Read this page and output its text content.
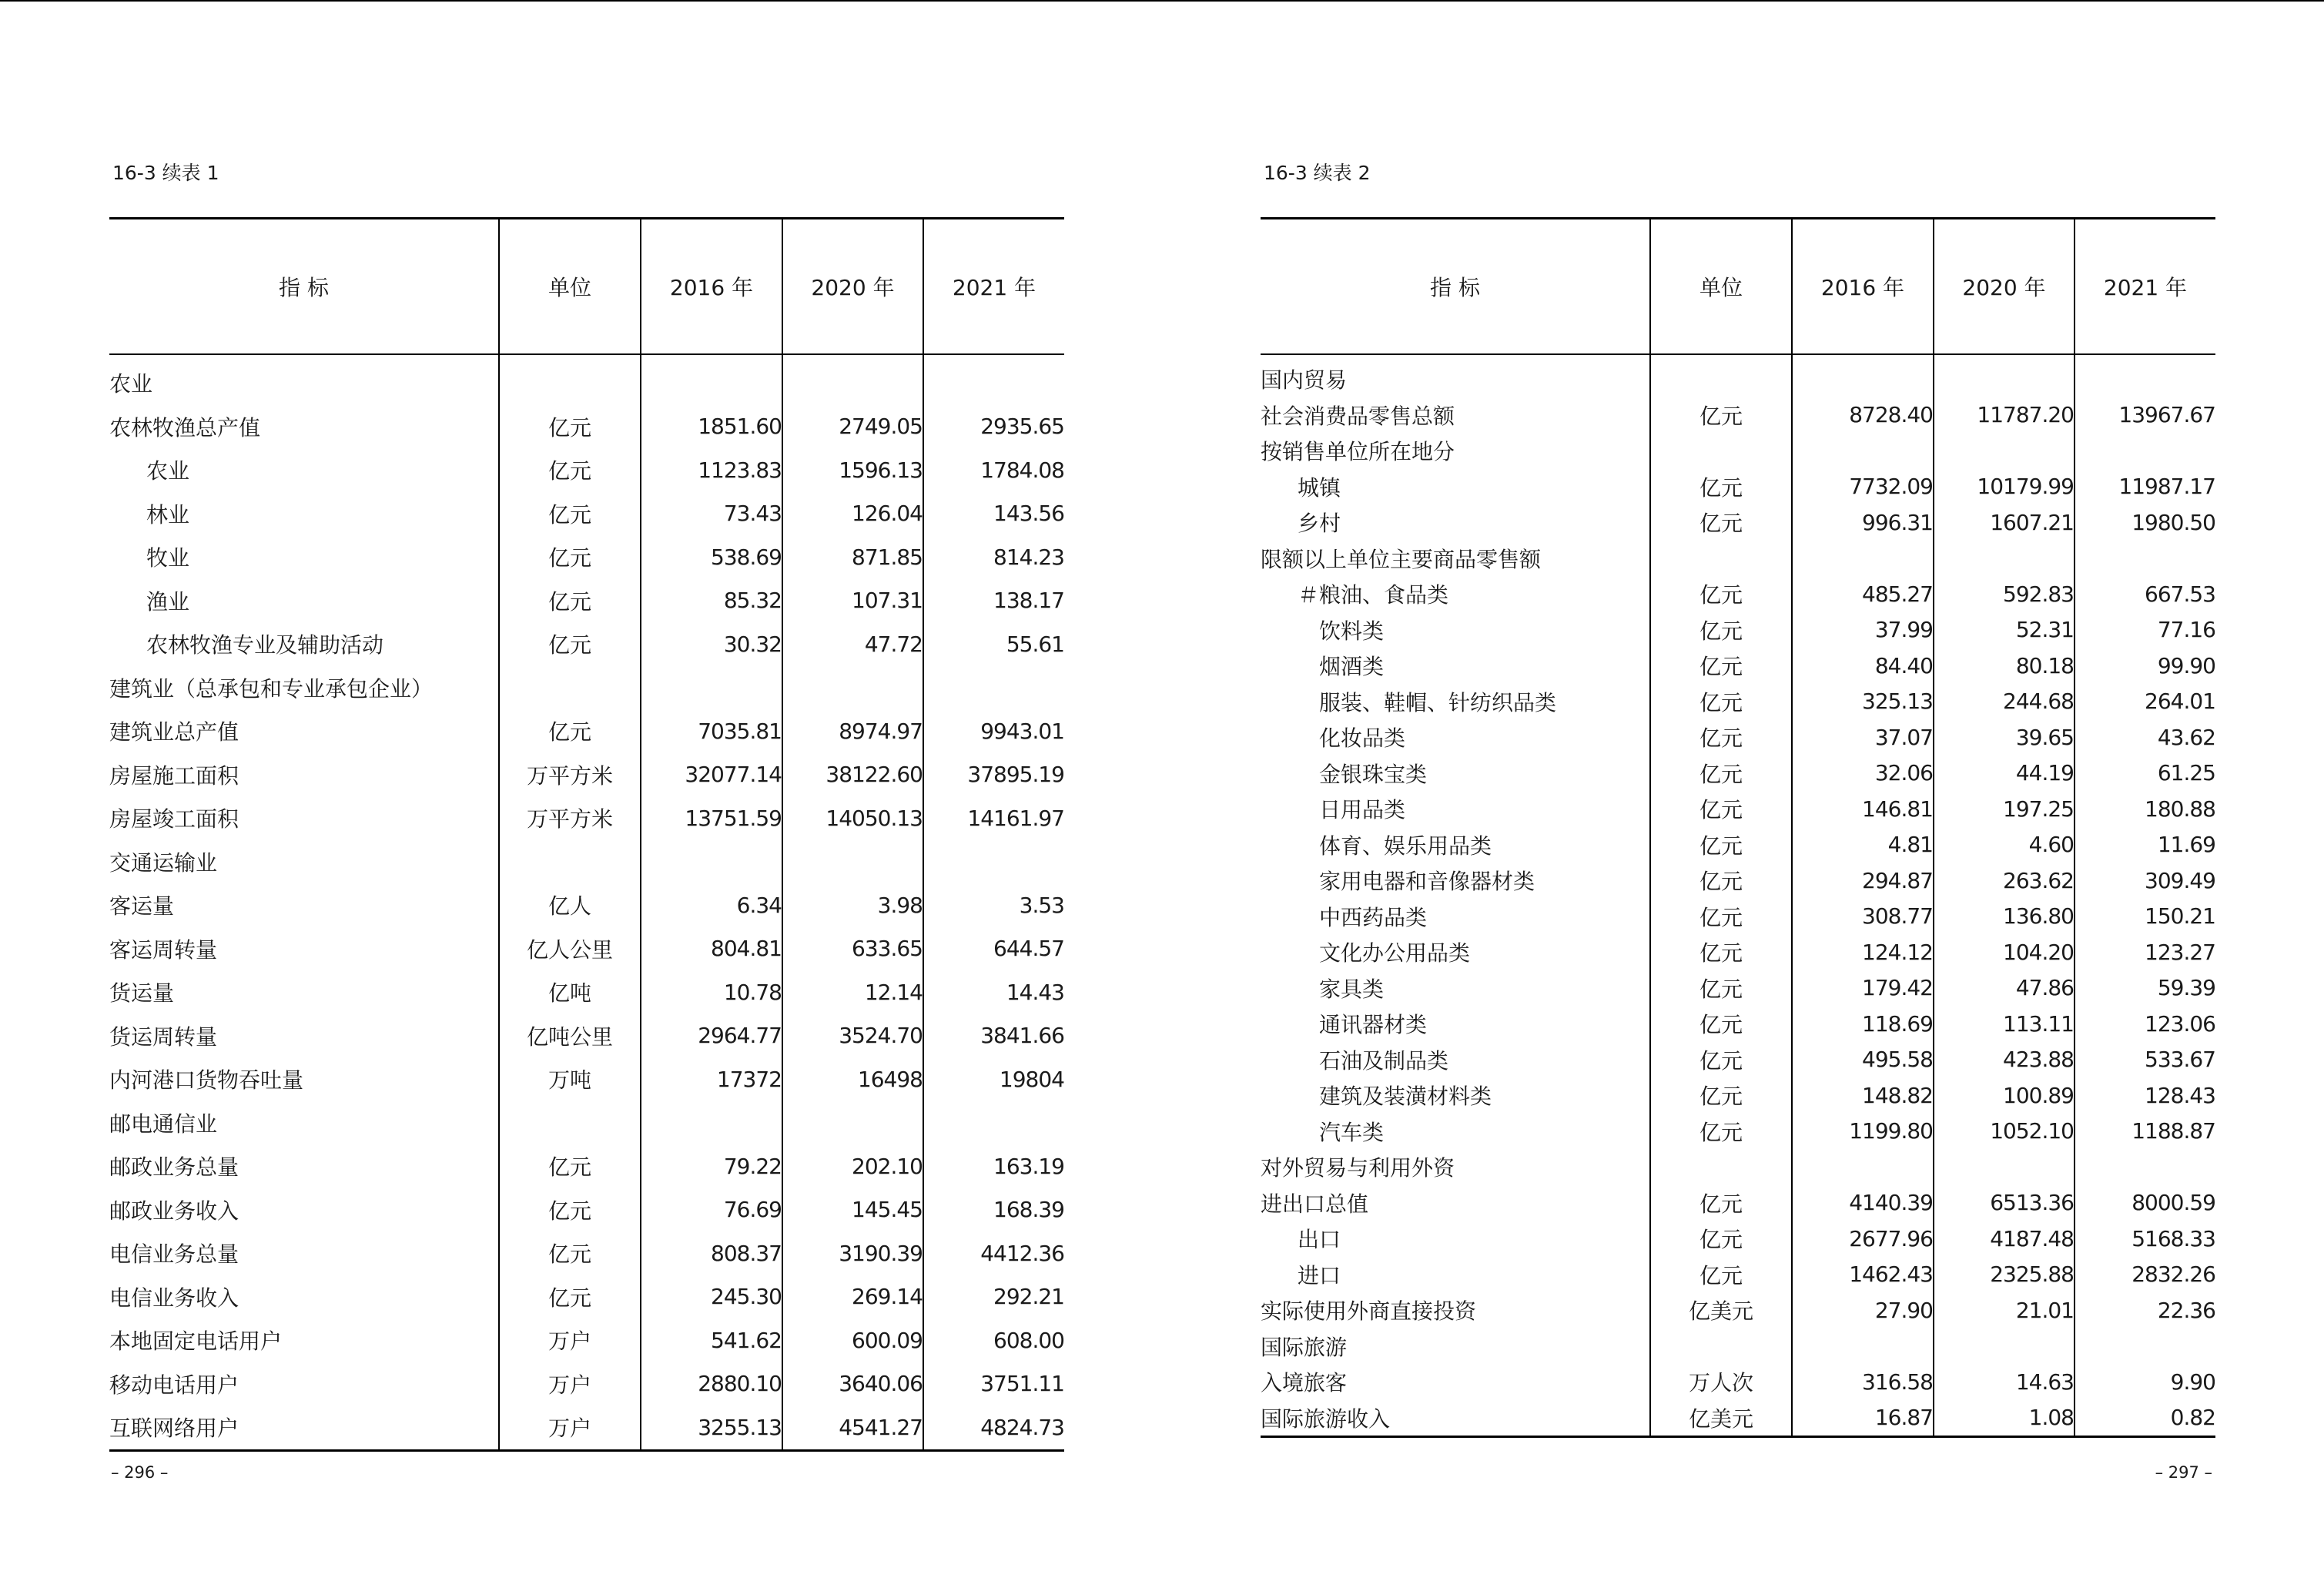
16-3 续表 1
指 标	单位	2016 年	2020 年	2021 年
农业				
农林牧渔总产值	亿元	1851.60	2749.05	2935.65
农业	亿元	1123.83	1596.13	1784.08
林业	亿元	73.43	126.04	143.56
牧业	亿元	538.69	871.85	814.23
渔业	亿元	85.32	107.31	138.17
农林牧渔专业及辅助活动	亿元	30.32	47.72	55.61
建筑业（总承包和专业承包企业）				
建筑业总产值	亿元	7035.81	8974.97	9943.01
房屋施工面积	万平方米	32077.14	38122.60	37895.19
房屋竣工面积	万平方米	13751.59	14050.13	14161.97
交通运输业				
客运量	亿人	6.34	3.98	3.53
客运周转量	亿人公里	804.81	633.65	644.57
货运量	亿吨	10.78	12.14	14.43
货运周转量	亿吨公里	2964.77	3524.70	3841.66
内河港口货物吞吐量	万吨	17372	16498	19804
邮电通信业				
邮政业务总量	亿元	79.22	202.10	163.19
邮政业务收入	亿元	76.69	145.45	168.39
电信业务总量	亿元	808.37	3190.39	4412.36
电信业务收入	亿元	245.30	269.14	292.21
本地固定电话用户	万户	541.62	600.09	608.00
移动电话用户	万户	2880.10	3640.06	3751.11
互联网络用户	万户	3255.13	4541.27	4824.73
– 296 –
16-3 续表 2
指 标	单位	2016 年	2020 年	2021 年
国内贸易				
社会消费品零售总额	亿元	8728.40	11787.20	13967.67
按销售单位所在地分				
城镇	亿元	7732.09	10179.99	11987.17
乡村	亿元	996.31	1607.21	1980.50
限额以上单位主要商品零售额				
＃粮油、食品类	亿元	485.27	592.83	667.53
饮料类	亿元	37.99	52.31	77.16
烟酒类	亿元	84.40	80.18	99.90
服装、鞋帽、针纺织品类	亿元	325.13	244.68	264.01
化妆品类	亿元	37.07	39.65	43.62
金银珠宝类	亿元	32.06	44.19	61.25
日用品类	亿元	146.81	197.25	180.88
体育、娱乐用品类	亿元	4.81	4.60	11.69
家用电器和音像器材类	亿元	294.87	263.62	309.49
中西药品类	亿元	308.77	136.80	150.21
文化办公用品类	亿元	124.12	104.20	123.27
家具类	亿元	179.42	47.86	59.39
通讯器材类	亿元	118.69	113.11	123.06
石油及制品类	亿元	495.58	423.88	533.67
建筑及装潢材料类	亿元	148.82	100.89	128.43
汽车类	亿元	1199.80	1052.10	1188.87
对外贸易与利用外资				
进出口总值	亿元	4140.39	6513.36	8000.59
出口	亿元	2677.96	4187.48	5168.33
进口	亿元	1462.43	2325.88	2832.26
实际使用外商直接投资	亿美元	27.90	21.01	22.36
国际旅游				
入境旅客	万人次	316.58	14.63	9.90
国际旅游收入	亿美元	16.87	1.08	0.82
– 297 –
